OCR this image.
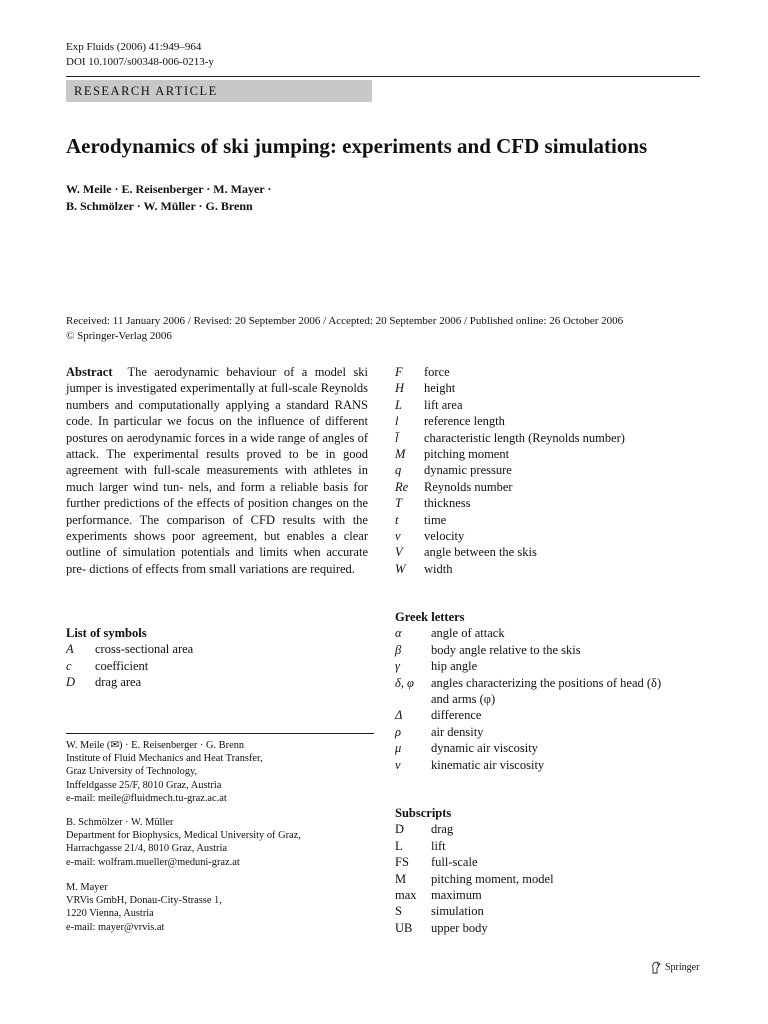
Exp Fluids (2006) 41:949–964
DOI 10.1007/s00348-006-0213-y
RESEARCH ARTICLE
Aerodynamics of ski jumping: experiments and CFD simulations
W. Meile · E. Reisenberger · M. Mayer ·
B. Schmölzer · W. Müller · G. Brenn
Received: 11 January 2006 / Revised: 20 September 2006 / Accepted: 20 September 2006 / Published online: 26 October 2006
© Springer-Verlag 2006
Abstract The aerodynamic behaviour of a model ski jumper is investigated experimentally at full-scale Reynolds numbers and computationally applying a standard RANS code. In particular we focus on the influence of different postures on aerodynamic forces in a wide range of angles of attack. The experimental results proved to be in good agreement with full-scale measurements with athletes in much larger wind tun- nels, and form a reliable basis for further predictions of the effects of position changes on the performance. The comparison of CFD results with the experiments shows poor agreement, but enables a clear outline of simulation potentials and limits when accurate pre- dictions of effects from small variations are required.
List of symbols
A	cross-sectional area
c	coefficient
D	drag area
F	force
H	height
L	lift area
l	reference length
l̄	characteristic length (Reynolds number)
M	pitching moment
q	dynamic pressure
Re	Reynolds number
T	thickness
t	time
v	velocity
V	angle between the skis
W	width
Greek letters
α	angle of attack
β	body angle relative to the skis
γ	hip angle
δ, φ	angles characterizing the positions of head (δ)
and arms (φ)
Δ	difference
ρ	air density
μ	dynamic air viscosity
ν	kinematic air viscosity
Subscripts
D	drag
L	lift
FS	full-scale
M	pitching moment, model
max	maximum
S	simulation
UB	upper body
W. Meile (✉) · E. Reisenberger · G. Brenn
Institute of Fluid Mechanics and Heat Transfer,
Graz University of Technology,
Inffeldgasse 25/F, 8010 Graz, Austria
e-mail: meile@fluidmech.tu-graz.ac.at
B. Schmölzer · W. Müller
Department for Biophysics, Medical University of Graz,
Harrachgasse 21/4, 8010 Graz, Austria
e-mail: wolfram.mueller@meduni-graz.at
M. Mayer
VRVis GmbH, Donau-City-Strasse 1,
1220 Vienna, Austria
e-mail: mayer@vrvis.at
Springer
